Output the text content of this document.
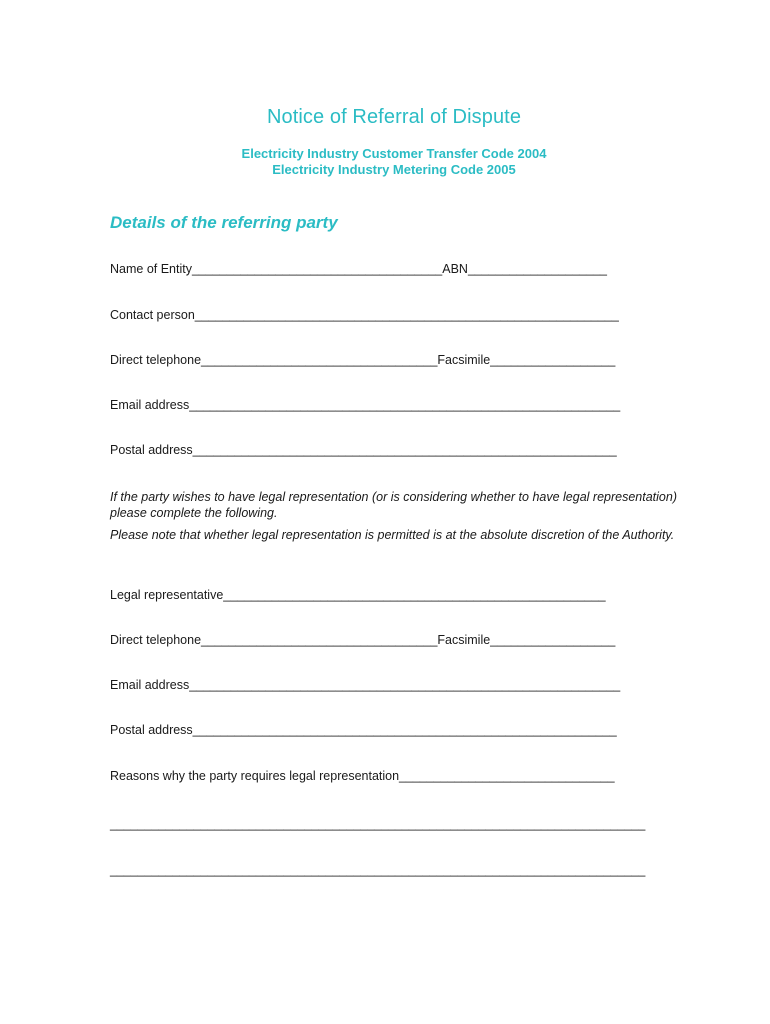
Notice of Referral of Dispute
Electricity Industry Customer Transfer Code 2004
Electricity Industry Metering Code 2005
Details of the referring party
Name of Entity____________________________________ABN____________________
Contact person_____________________________________________________________
Direct telephone__________________________________Facsimile__________________
Email address______________________________________________________________
Postal address_____________________________________________________________
If the party wishes to have legal representation (or is considering whether to have legal representation) please complete the following.
Please note that whether legal representation is permitted is at the absolute discretion of the Authority.
Legal representative_______________________________________________________
Direct telephone__________________________________Facsimile__________________
Email address______________________________________________________________
Postal address_____________________________________________________________
Reasons why the party requires legal representation_______________________________
_____________________________________________________________________________
_____________________________________________________________________________
